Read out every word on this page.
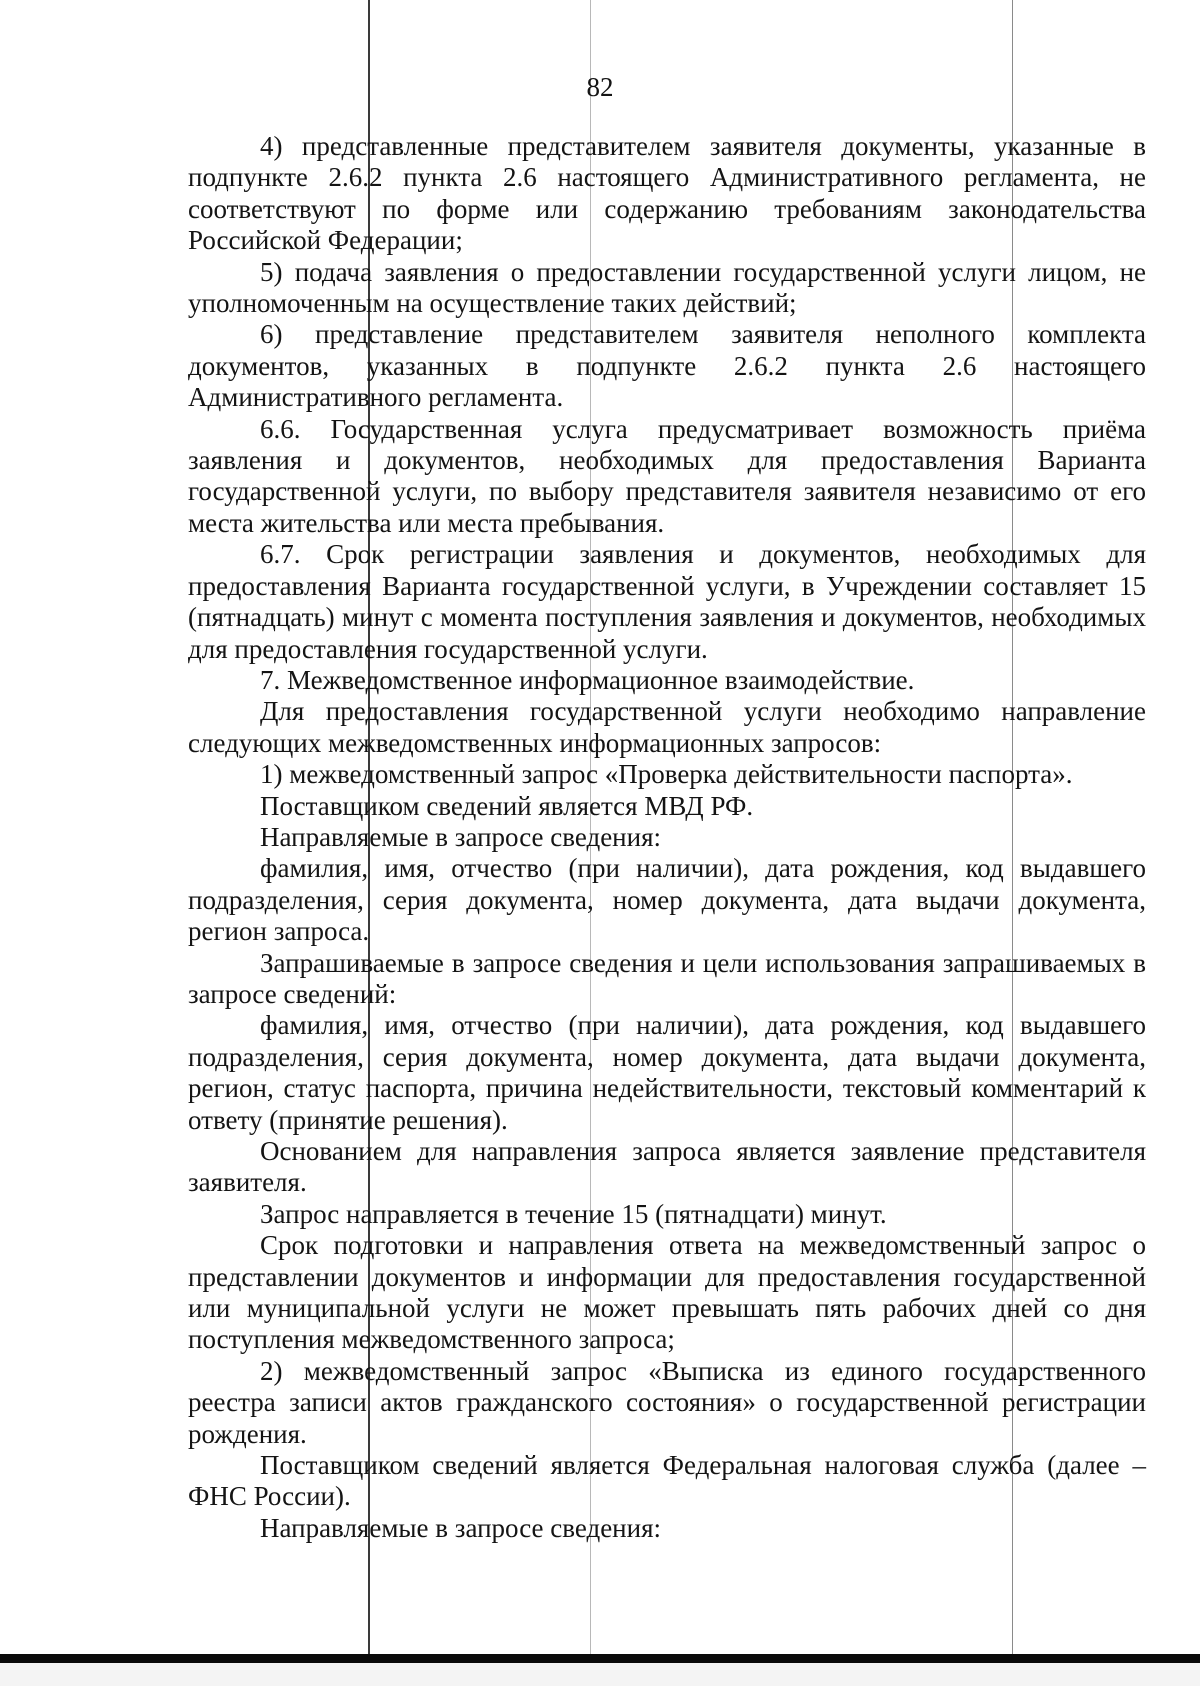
82

4) представленные представителем заявителя документы, указанные в подпункте 2.6.2 пункта 2.6 настоящего Административного регламента, не соответствуют по форме или содержанию требованиям законодательства Российской Федерации;

5) подача заявления о предоставлении государственной услуги лицом, не уполномоченным на осуществление таких действий;

6) представление представителем заявителя неполного комплекта документов, указанных в подпункте 2.6.2 пункта 2.6 настоящего Административного регламента.

6.6. Государственная услуга предусматривает возможность приёма заявления и документов, необходимых для предоставления Варианта государственной услуги, по выбору представителя заявителя независимо от его места жительства или места пребывания.

6.7. Срок регистрации заявления и документов, необходимых для предоставления Варианта государственной услуги, в Учреждении составляет 15 (пятнадцать) минут с момента поступления заявления и документов, необходимых для предоставления государственной услуги.

7. Межведомственное информационное взаимодействие.

Для предоставления государственной услуги необходимо направление следующих межведомственных информационных запросов:

1) межведомственный запрос «Проверка действительности паспорта».

Поставщиком сведений является МВД РФ.

Направляемые в запросе сведения:

фамилия, имя, отчество (при наличии), дата рождения, код выдавшего подразделения, серия документа, номер документа, дата выдачи документа, регион запроса.

Запрашиваемые в запросе сведения и цели использования запрашиваемых в запросе сведений:

фамилия, имя, отчество (при наличии), дата рождения, код выдавшего подразделения, серия документа, номер документа, дата выдачи документа, регион, статус паспорта, причина недействительности, текстовый комментарий к ответу (принятие решения).

Основанием для направления запроса является заявление представителя заявителя.

Запрос направляется в течение 15 (пятнадцати) минут.

Срок подготовки и направления ответа на межведомственный запрос о представлении документов и информации для предоставления государственной или муниципальной услуги не может превышать пять рабочих дней со дня поступления межведомственного запроса;

2) межведомственный запрос «Выписка из единого государственного реестра записи актов гражданского состояния» о государственной регистрации рождения.

Поставщиком сведений является Федеральная налоговая служба (далее – ФНС России).

Направляемые в запросе сведения:
